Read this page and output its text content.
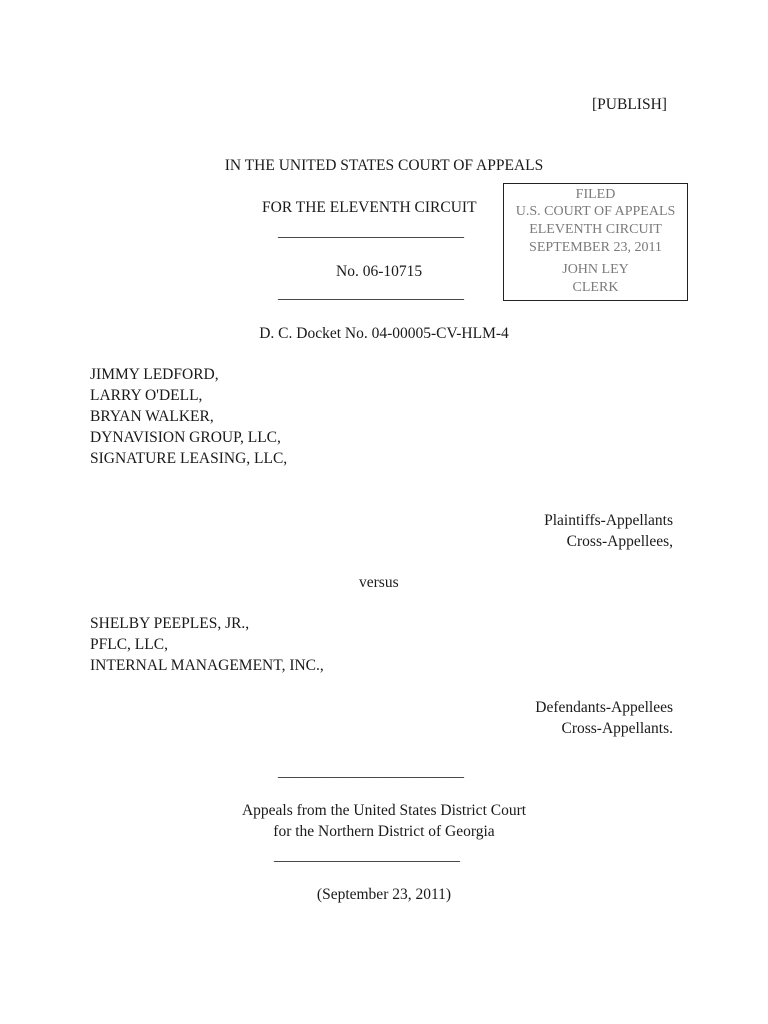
[PUBLISH]
IN THE UNITED STATES COURT OF APPEALS
FOR THE ELEVENTH CIRCUIT
________________________
No. 06-10715
________________________
FILED
U.S. COURT OF APPEALS
ELEVENTH CIRCUIT
SEPTEMBER 23, 2011
JOHN LEY
CLERK
D. C. Docket No. 04-00005-CV-HLM-4
JIMMY LEDFORD,
LARRY O'DELL,
BRYAN WALKER,
DYNAVISION GROUP, LLC,
SIGNATURE LEASING, LLC,
Plaintiffs-Appellants
Cross-Appellees,
versus
SHELBY PEEPLES, JR.,
PFLC, LLC,
INTERNAL MANAGEMENT, INC.,
Defendants-Appellees
Cross-Appellants.
________________________
Appeals from the United States District Court
for the Northern District of Georgia
________________________
(September 23, 2011)
